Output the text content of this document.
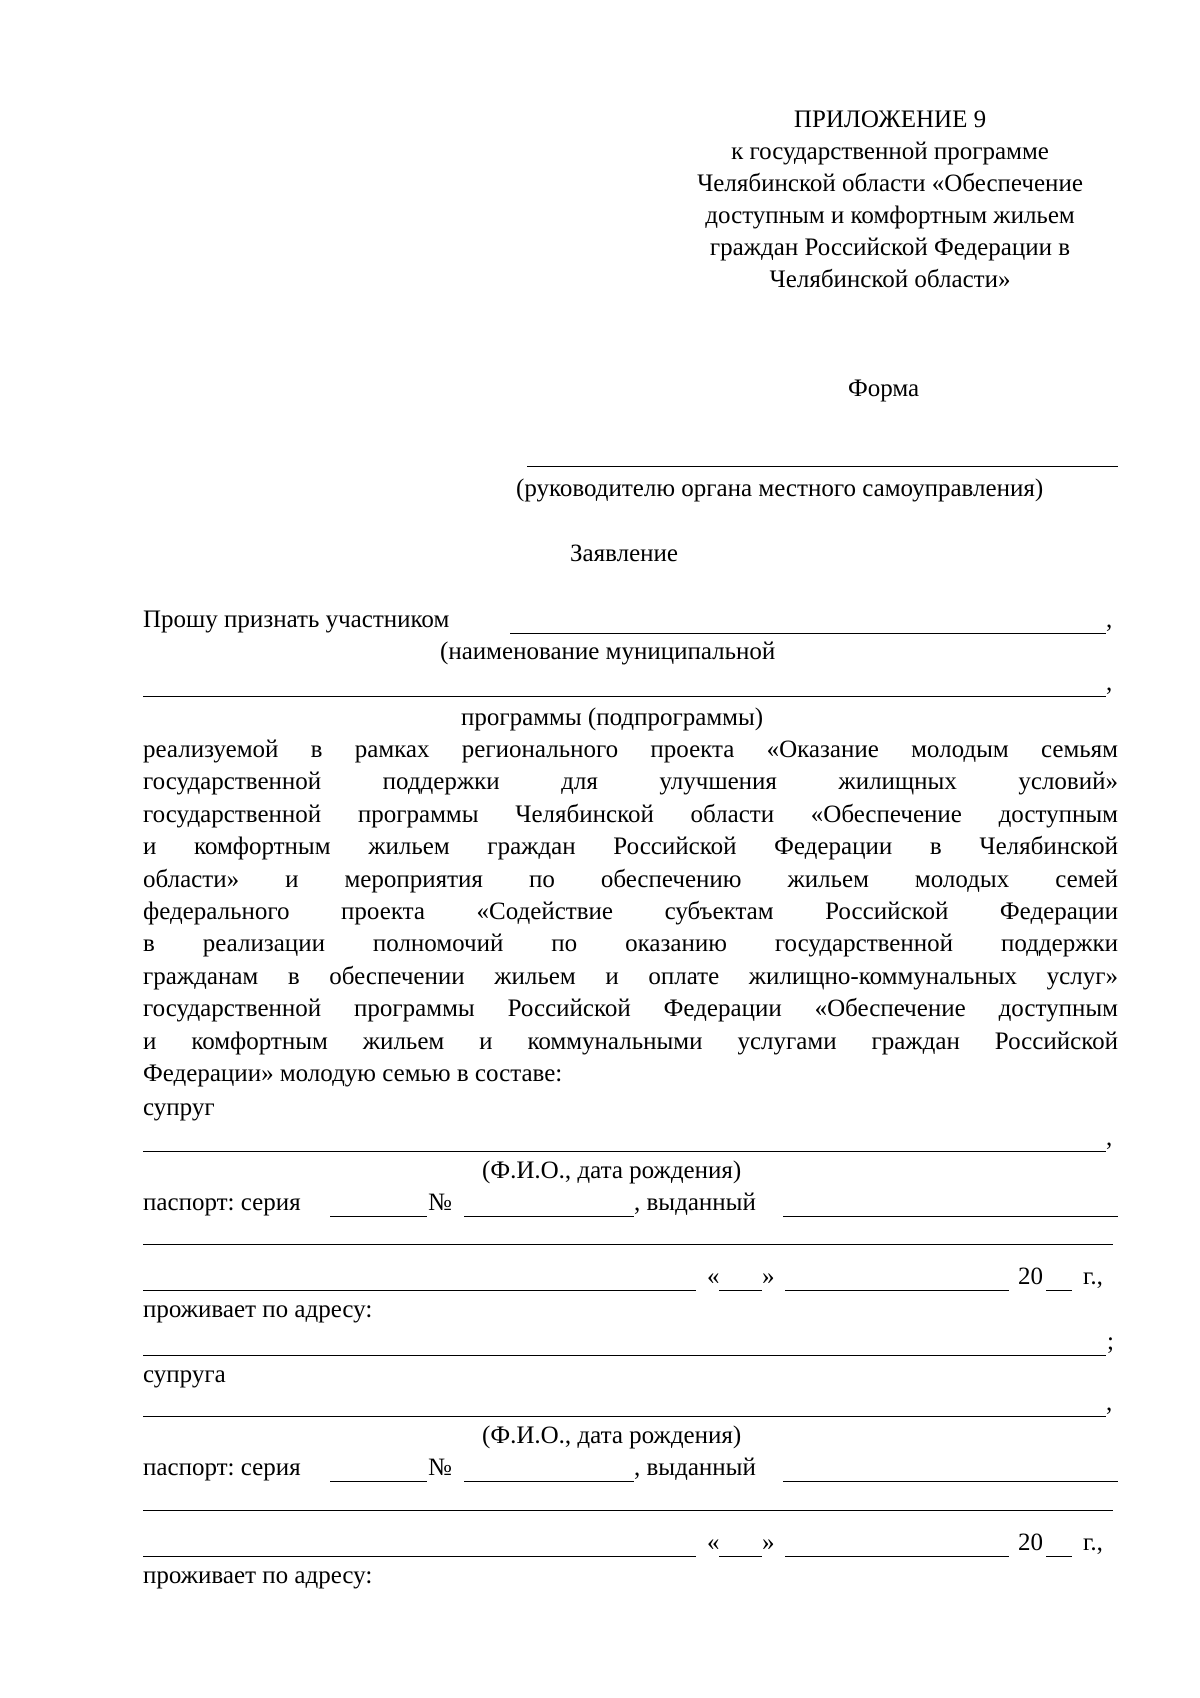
ПРИЛОЖЕНИЕ 9
к государственной программе
Челябинской области «Обеспечение
доступным и комфортным жильем
граждан Российской Федерации в
Челябинской области»
Форма
(руководителю органа местного самоуправления)
Заявление
Прошу признать участником	,
(наименование муниципальной
,
программы (подпрограммы)
реализуемой в рамках регионального проекта «Оказание молодым семьям
государственной поддержки для улучшения жилищных условий»
государственной программы Челябинской области «Обеспечение доступным
и комфортным жильем граждан Российской Федерации в Челябинской
области» и мероприятия по обеспечению жильем молодых семей
федерального проекта «Содействие субъектам Российской Федерации
в реализации полномочий по оказанию государственной поддержки
гражданам в обеспечении жильем и оплате жилищно-коммунальных услуг»
государственной программы Российской Федерации «Обеспечение доступным
и комфортным жильем и коммунальными услугами граждан Российской
Федерации» молодую семью в составе:
супруг
,
(Ф.И.О., дата рождения)
паспорт: серия	№	, выданный
« »	20 г.,
проживает по адресу:
;
супруга
,
(Ф.И.О., дата рождения)
паспорт: серия	№	, выданный
« »	20 г.,
проживает по адресу:
